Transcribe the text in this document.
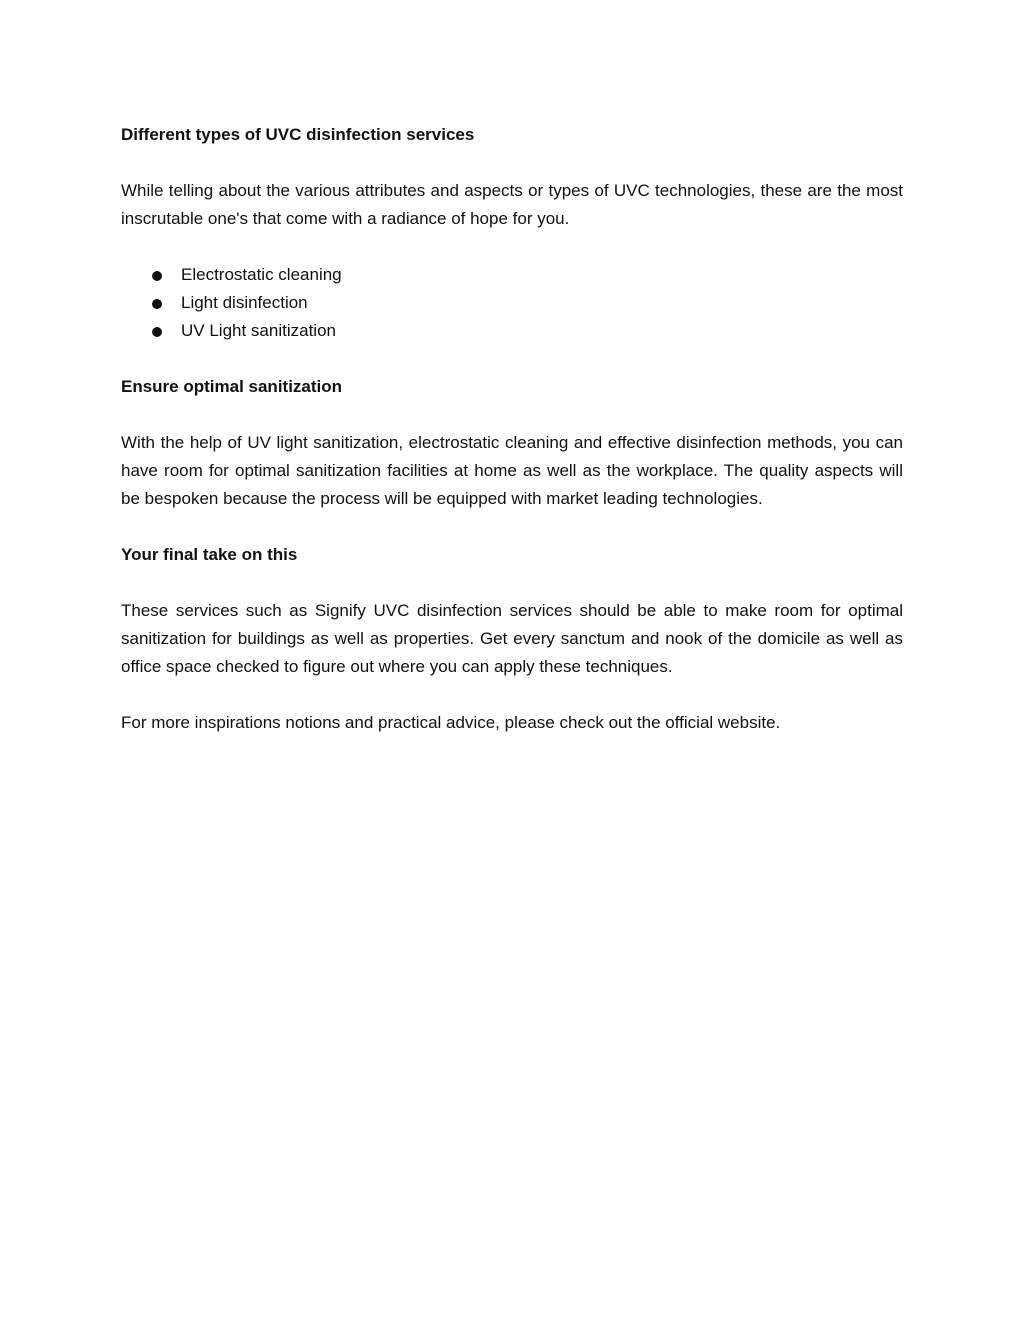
Different types of UVC disinfection services

While telling about the various attributes and aspects or types of UVC technologies, these are the most inscrutable one's that come with a radiance of hope for you.

Electrostatic cleaning
Light disinfection
UV Light sanitization

Ensure optimal sanitization

With the help of UV light sanitization, electrostatic cleaning and effective disinfection methods, you can have room for optimal sanitization facilities at home as well as the workplace. The quality aspects will be bespoken because the process will be equipped with market leading technologies.

Your final take on this

These services such as Signify UVC disinfection services should be able to make room for optimal sanitization for buildings as well as properties. Get every sanctum and nook of the domicile as well as office space checked to figure out where you can apply these techniques.

For more inspirations notions and practical advice, please check out the official website.
